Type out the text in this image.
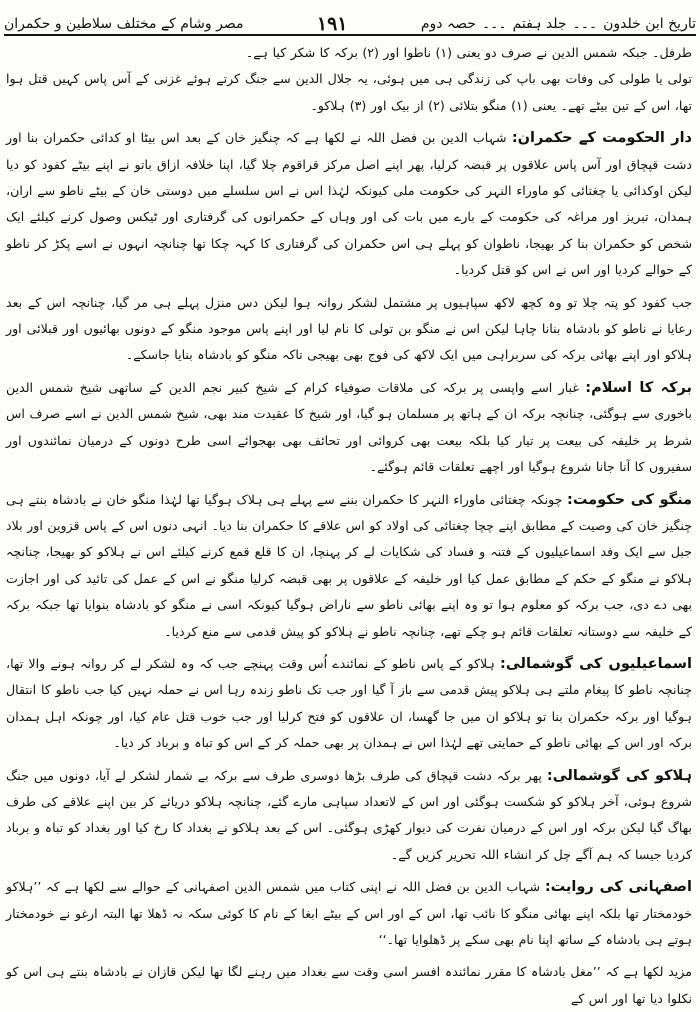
تاریخ ابن خلدون۔۔۔جلد ہفتم۔۔۔حصہ دوم
۱۹۱
مصر وشام کے مختلف سلاطین و حکمران

طرفل۔ جبکہ شمس الدین نے صرف دو یعنی (۱) ناطوا اور (۲) برکہ کا شکر کیا ہے۔

تولی یا طولی کی وفات بھی باپ کی زندگی ہی میں ہوئی، یہ جلال الدین سے جنگ کرتے ہوئے غزنی کے آس پاس کہیں قتل ہوا تھا، اس کے تین بیٹے تھے۔ یعنی (۱) منگو بتلائی (۲) از بیک اور (۳) ہلاکو۔

دار الحکومت کے حکمران: شہاب الدین بن فضل اللہ نے لکھا ہے کہ چنگیز خان کے بعد اس بیٹا او کدائی حکمران بنا اور دشت قپچاق اور آس پاس علاقوں پر قبضہ کرلیا، پھر اپنے اصل مرکز قراقوم چلا گیا، اپنا خلافہ ازاق باتو نے اپنے بیٹے کفود کو دیا لیکن اوکدائی یا چغتائی کو ماوراء النہر کی حکومت ملی کیونکہ لہٰذا اس نے اس سلسلے میں دوستی خان کے بیٹے ناطو سے اران، ہمدان، تبریز اور مراغہ کی حکومت کے بارے میں بات کی اور وہاں کے حکمرانوں کی گرفتاری اور ٹیکس وصول کرنے کیلئے ایک شخص کو حکمران بنا کر بھیجا، ناطوان کو پہلے ہی اس حکمران کی گرفتاری کا کہہ چکا تھا چنانچہ انہوں نے اسے پکڑ کر ناطو کے حوالے کردیا اور اس نے اس کو قتل کردیا۔

جب کفود کو پتہ چلا تو وہ کچھ لاکھ سپاہیوں پر مشتمل لشکر روانہ ہوا لیکن دس منزل پہلے ہی مر گیا، چنانچہ اس کے بعد رعایا نے ناطو کو بادشاہ بنانا چاہا لیکن اس نے منگو بن تولی کا نام لیا اور اپنے پاس موجود منگو کے دونوں بھائیوں اور قبلائی اور ہلاکو اور اپنے بھائی برکہ کی سربراہی میں ایک لاکھ کی فوج بھی بھیجی تاکہ منگو کو بادشاہ بنایا جاسکے۔

برکہ کا اسلام: غبار اسے واپسی پر برکہ کی ملاقات صوفیاء کرام کے شیخ کبیر نجم الدین کے ساتھی شیخ شمس الدین باخوری سے ہوگئی، چنانچہ برکہ ان کے ہاتھ پر مسلمان ہو گیا، اور شیخ کا عقیدت مند بھی، شیخ شمس الدین نے اسے صرف اس شرط پر خلیفہ کی بیعت پر تیار کیا بلکہ بیعت بھی کروائی اور تحائف بھی بھجوائے اسی طرح دونوں کے درمیان نمائندوں اور سفیروں کا آنا جانا شروع ہوگیا اور اچھے تعلقات قائم ہوگئے۔

منگو کی حکومت: چونکہ چغتائی ماوراء النہر کا حکمران بننے سے پہلے ہی ہلاک ہوگیا تھا لہٰذا منگو خان نے بادشاہ بنتے ہی چنگیز خان کی وصیت کے مطابق اپنے چچا چغتائی کی اولاد کو اس علاقے کا حکمران بنا دیا۔ انہی دنوں اس کے پاس قزوین اور بلاد جبل سے ایک وفد اسماعیلیوں کے فتنہ و فساد کی شکایات لے کر پہنچا، ان کا قلع قمع کرنے کیلئے اس نے ہلاکو کو بھیجا، چنانچہ ہلاکو نے منگو کے حکم کے مطابق عمل کیا اور خلیفہ کے علاقوں پر بھی قبضہ کرلیا منگو نے اس کے عمل کی تائید کی اور اجازت بھی دے دی، جب برکہ کو معلوم ہوا تو وہ اپنے بھائی ناطو سے ناراض ہوگیا کیونکہ اسی نے منگو کو بادشاہ بنوایا تھا جبکہ برکہ کے خلیفہ سے دوستانہ تعلقات قائم ہو چکے تھے، چنانچہ ناطو نے ہلاکو کو پیش قدمی سے منع کردیا۔

اسماعیلیوں کی گوشمالی: ہلاکو کے پاس ناطو کے نمائندے اُس وقت پہنچے جب کہ وہ لشکر لے کر روانہ ہونے والا تھا، چنانچہ ناطو کا پیغام ملتے ہی ہلاکو پیش قدمی سے باز آ گیا اور جب تک ناطو زندہ رہا اس نے حملہ نہیں کیا جب ناطو کا انتقال ہوگیا اور برکہ حکمران بنا تو ہلاکو ان میں جا گھسا، ان علاقوں کو فتح کرلیا اور جب خوب قتل عام کیا، اور چونکہ اہل ہمدان برکہ اور اس کے بھائی ناطو کے حمایتی تھے لہٰذا اس نے ہمدان پر بھی حملہ کر کے اس کو تباہ و برباد کر دیا۔

ہلاکو کی گوشمالی: پھر برکہ دشت قپچاق کی طرف بڑھا دوسری طرف سے برکہ بے شمار لشکر لے آیا، دونوں میں جنگ شروع ہوئی، آخر ہلاکو کو شکست ہوگئی اور اس کے لاتعداد سپاہی مارے گئے، چنانچہ ہلاکو دریائے کر بین اپنے علاقے کی طرف بھاگ گیا لیکن برکہ اور اس کے درمیان نفرت کی دیوار کھڑی ہوگئی۔ اس کے بعد ہلاکو نے بغداد کا رخ کیا اور بغداد کو تباہ و برباد کردیا جیسا کہ ہم آگے چل کر انشاء اللہ تحریر کریں گے۔

اصفہانی کی روایت: شہاب الدین بن فضل اللہ نے اپنی کتاب میں شمس الدین اصفہانی کے حوالے سے لکھا ہے کہ ’’ہلاکو خودمختار تھا بلکہ اپنے بھائی منگو کا نائب تھا، اس کے اور اس کے بیٹے ابغا کے نام کا کوئی سکہ نہ ڈھلا تھا البتہ ارغو نے خودمختار ہوتے ہی بادشاہ کے ساتھ اپنا نام بھی سکے پر ڈھلوایا تھا۔‘‘

مزید لکھا ہے کہ ’’مغل بادشاہ کا مقرر نمائندہ افسر اسی وقت سے بغداد میں رہنے لگا تھا لیکن قازان نے بادشاہ بنتے ہی اس کو نکلوا دیا تھا اور اس کے
